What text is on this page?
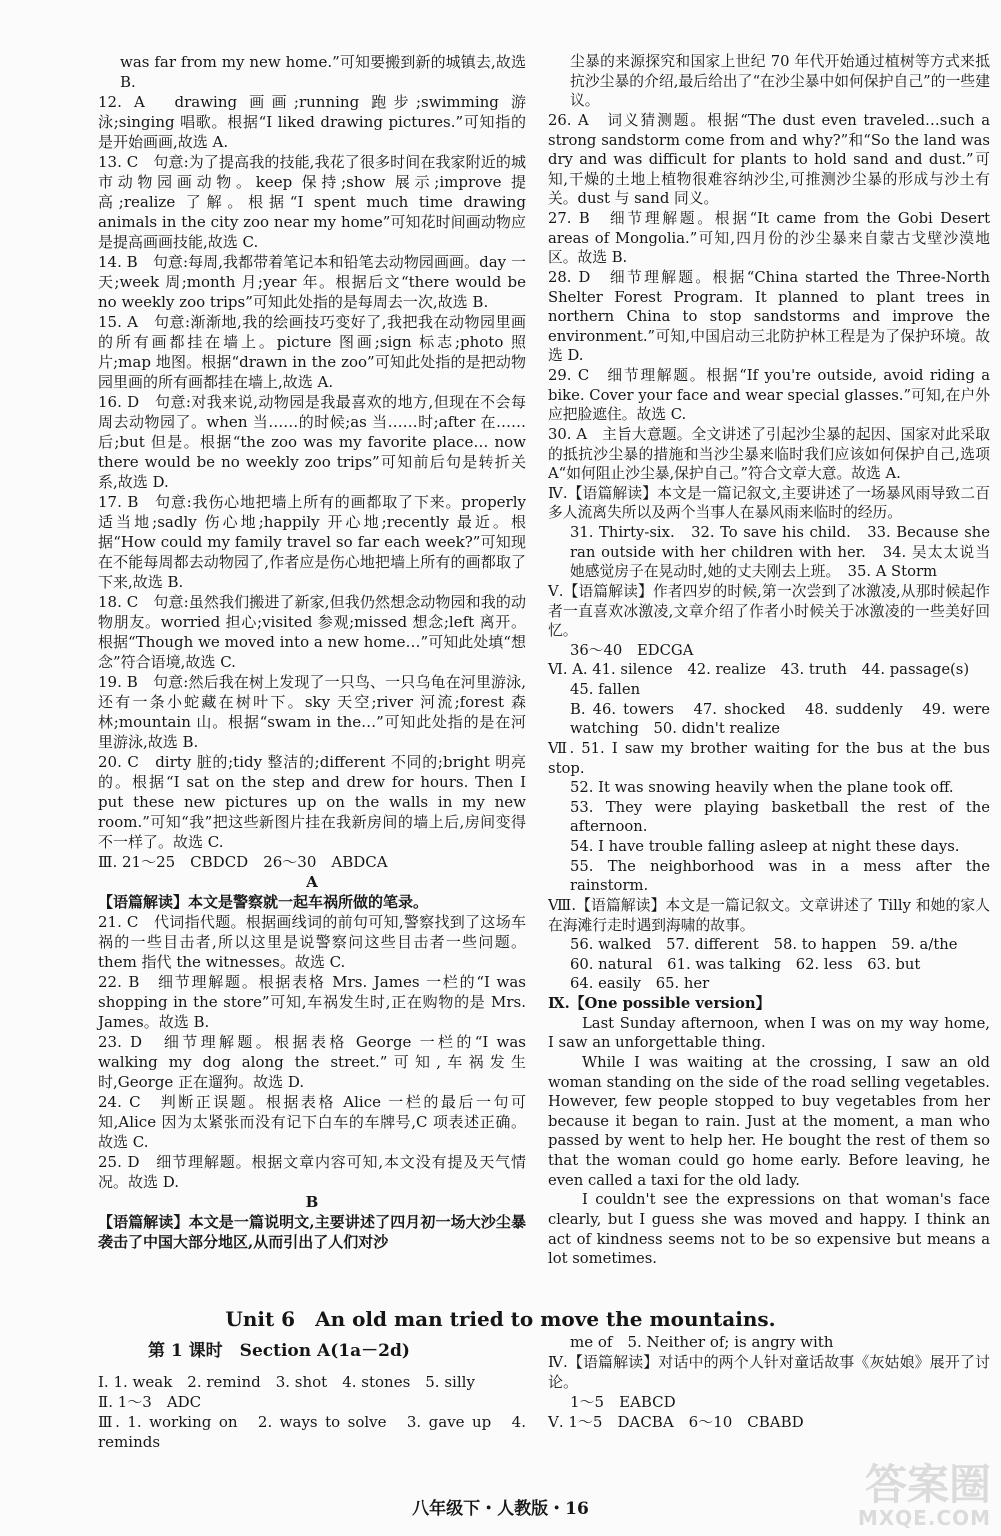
was far from my new home.”可知要搬到新的城镇去,故选 B.

12. A　drawing 画画;running 跑步;swimming 游泳;singing 唱歌。根据“I liked drawing pictures.”可知指的是开始画画,故选 A.

13. C　句意:为了提高我的技能,我花了很多时间在我家附近的城市动物园画动物。keep 保持;show 展示;improve 提高;realize 了解。根据“I spent much time drawing animals in the city zoo near my home”可知花时间画动物应是提高画画技能,故选 C.

14. B　句意:每周,我都带着笔记本和铅笔去动物园画画。day 一天;week 周;month 月;year 年。根据后文“there would be no weekly zoo trips”可知此处指的是每周去一次,故选 B.

15. A　句意:渐渐地,我的绘画技巧变好了,我把我在动物园里画的所有画都挂在墙上。picture 图画;sign 标志;photo 照片;map 地图。根据“drawn in the zoo”可知此处指的是把动物园里画的所有画都挂在墙上,故选 A.

16. D　句意:对我来说,动物园是我最喜欢的地方,但现在不会每周去动物园了。when 当……的时候;as 当……时;after 在……后;but 但是。根据“the zoo was my favorite place… now there would be no weekly zoo trips”可知前后句是转折关系,故选 D.

17. B　句意:我伤心地把墙上所有的画都取了下来。properly 适当地;sadly 伤心地;happily 开心地;recently 最近。根据“How could my family travel so far each week?”可知现在不能每周都去动物园了,作者应是伤心地把墙上所有的画都取了下来,故选 B.

18. C　句意:虽然我们搬进了新家,但我仍然想念动物园和我的动物朋友。worried 担心;visited 参观;missed 想念;left 离开。根据“Though we moved into a new home…”可知此处填“想念”符合语境,故选 C.

19. B　句意:然后我在树上发现了一只鸟、一只乌龟在河里游泳,还有一条小蛇藏在树叶下。sky 天空;river 河流;forest 森林;mountain 山。根据“swam in the…”可知此处指的是在河里游泳,故选 B.

20. C　dirty 脏的;tidy 整洁的;different 不同的;bright 明亮的。根据“I sat on the step and drew for hours. Then I put these new pictures up on the walls in my new room.”可知“我”把这些新图片挂在我新房间的墙上后,房间变得不一样了。故选 C.

Ⅲ. 21～25　CBDCD　26～30　ABDCA

A

【语篇解读】本文是警察就一起车祸所做的笔录。

21. C　代词指代题。根据画线词的前句可知,警察找到了这场车祸的一些目击者,所以这里是说警察问这些目击者一些问题。them 指代 the witnesses。故选 C.

22. B　细节理解题。根据表格 Mrs. James 一栏的“I was shopping in the store”可知,车祸发生时,正在购物的是 Mrs. James。故选 B.

23. D　细节理解题。根据表格 George 一栏的“I was walking my dog along the street.”可知,车祸发生时,George 正在遛狗。故选 D.

24. C　判断正误题。根据表格 Alice 一栏的最后一句可知,Alice 因为太紧张而没有记下白车的车牌号,C 项表述正确。故选 C.

25. D　细节理解题。根据文章内容可知,本文没有提及天气情况。故选 D.

B

【语篇解读】本文是一篇说明文,主要讲述了四月初一场大沙尘暴袭击了中国大部分地区,从而引出了人们对沙

尘暴的来源探究和国家上世纪 70 年代开始通过植树等方式来抵抗沙尘暴的介绍,最后给出了“在沙尘暴中如何保护自己”的一些建议。

26. A　词义猜测题。根据“The dust even traveled…such a strong sandstorm come from and why?”和“So the land was dry and was difficult for plants to hold sand and dust.”可知,干燥的土地上植物很难容纳沙尘,可推测沙尘暴的形成与沙土有关。dust 与 sand 同义。

27. B　细节理解题。根据“It came from the Gobi Desert areas of Mongolia.”可知,四月份的沙尘暴来自蒙古戈壁沙漠地区。故选 B.

28. D　细节理解题。根据“China started the Three-North Shelter Forest Program. It planned to plant trees in northern China to stop sandstorms and improve the environment.”可知,中国启动三北防护林工程是为了保护环境。故选 D.

29. C　细节理解题。根据“If you're outside, avoid riding a bike. Cover your face and wear special glasses.”可知,在户外应把脸遮住。故选 C.

30. A　主旨大意题。全文讲述了引起沙尘暴的起因、国家对此采取的抵抗沙尘暴的措施和当沙尘暴来临时我们应该如何保护自己,选项 A“如何阻止沙尘暴,保护自己。”符合文章大意。故选 A.

Ⅳ.【语篇解读】本文是一篇记叙文,主要讲述了一场暴风雨导致二百多人流离失所以及两个当事人在暴风雨来临时的经历。

31. Thirty-six.　32. To save his child.　33. Because she ran outside with her children with her.　34. 吴太太说当她感觉房子在晃动时,她的丈夫刚去上班。　35. A Storm

Ⅴ.【语篇解读】作者四岁的时候,第一次尝到了冰激凌,从那时候起作者一直喜欢冰激凌,文章介绍了作者小时候关于冰激凌的一些美好回忆。

36～40　EDCGA

Ⅵ. A. 41. silence　42. realize　43. truth　44. passage(s)

45. fallen

B. 46. towers　47. shocked　48. suddenly　49. were watching　50. didn't realize

Ⅶ. 51. I saw my brother waiting for the bus at the bus stop.

52. It was snowing heavily when the plane took off.

53. They were playing basketball the rest of the afternoon.

54. I have trouble falling asleep at night these days.

55. The neighborhood was in a mess after the rainstorm.

Ⅷ.【语篇解读】本文是一篇记叙文。文章讲述了 Tilly 和她的家人在海滩行走时遇到海啸的故事。

56. walked　57. different　58. to happen　59. a/the

60. natural　61. was talking　62. less　63. but

64. easily　65. her

Ⅸ.【One possible version】

Last Sunday afternoon, when I was on my way home, I saw an unforgettable thing.

While I was waiting at the crossing, I saw an old woman standing on the side of the road selling vegetables. However, few people stopped to buy vegetables from her because it began to rain. Just at the moment, a man who passed by went to help her. He bought the rest of them so that the woman could go home early. Before leaving, he even called a taxi for the old lady.

I couldn't see the expressions on that woman's face clearly, but I guess she was moved and happy. I think an act of kindness seems not to be so expensive but means a lot sometimes.

Unit 6　An old man tried to move the mountains.
第 1 课时　Section A(1a－2d)

Ⅰ. 1. weak　2. remind　3. shot　4. stones　5. silly

Ⅱ. 1～3　ADC

Ⅲ. 1. working on　2. ways to solve　3. gave up　4. reminds

me of　5. Neither of; is angry with

Ⅳ.【语篇解读】对话中的两个人针对童话故事《灰姑娘》展开了讨论。

1～5　EABCD

Ⅴ. 1～5　DACBA　6～10　CBABD

八年级下・人教版・16	答案圈
MXQE.COM
